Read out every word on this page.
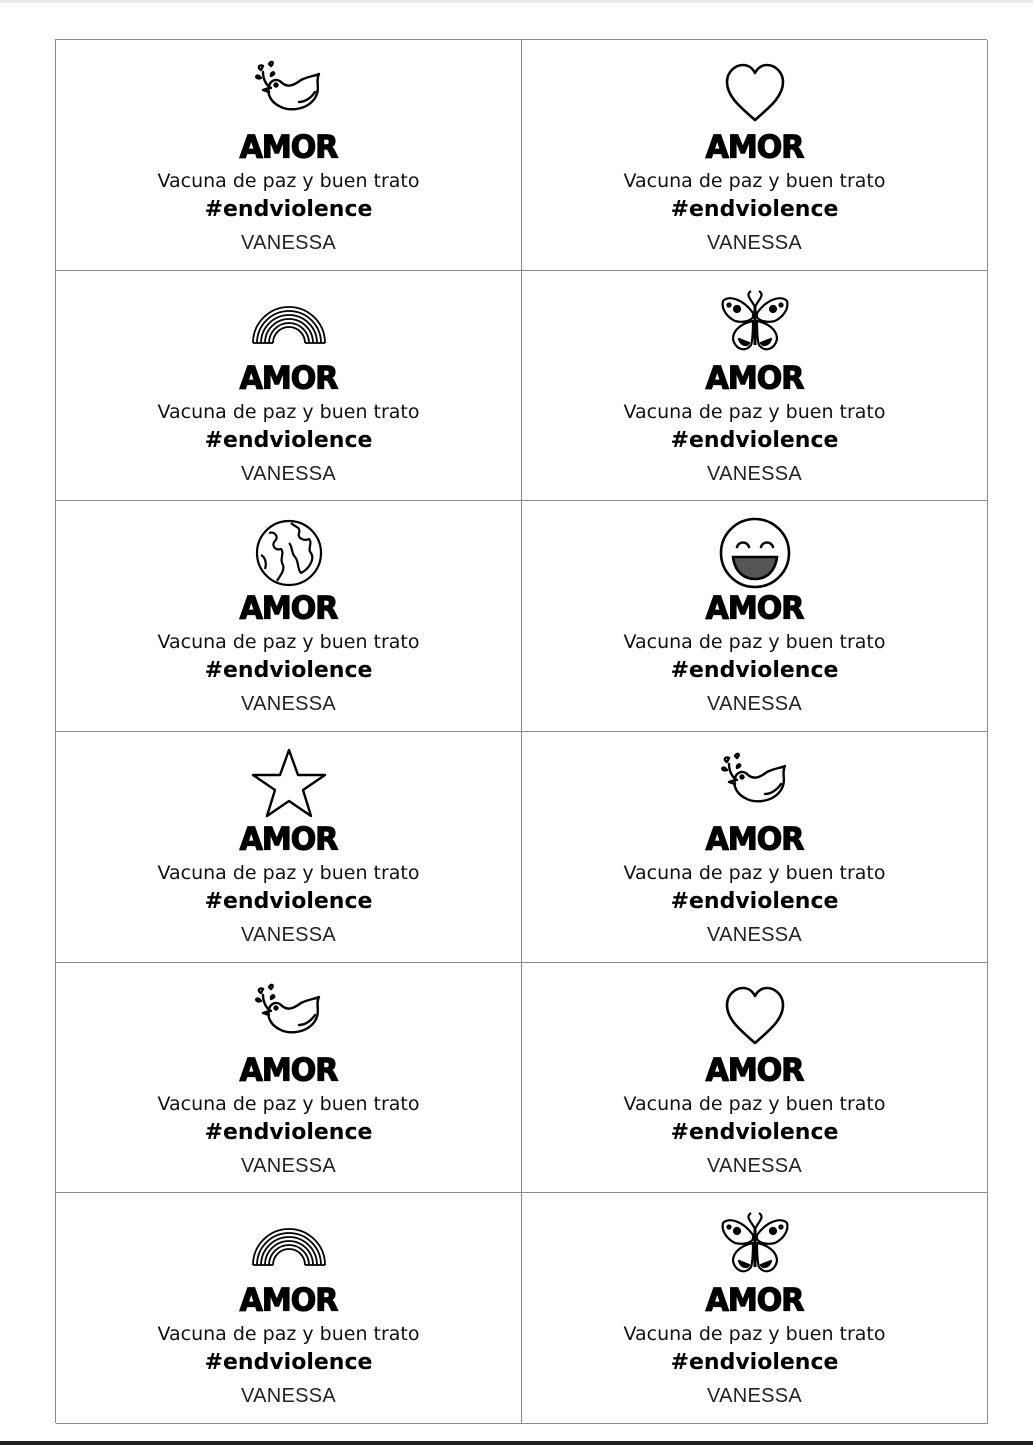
AMOR
Vacuna de paz y buen trato
#endviolence
VANESSA
AMOR
Vacuna de paz y buen trato
#endviolence
VANESSA
AMOR
Vacuna de paz y buen trato
#endviolence
VANESSA
AMOR
Vacuna de paz y buen trato
#endviolence
VANESSA
AMOR
Vacuna de paz y buen trato
#endviolence
VANESSA
AMOR
Vacuna de paz y buen trato
#endviolence
VANESSA
AMOR
Vacuna de paz y buen trato
#endviolence
VANESSA
AMOR
Vacuna de paz y buen trato
#endviolence
VANESSA
AMOR
Vacuna de paz y buen trato
#endviolence
VANESSA
AMOR
Vacuna de paz y buen trato
#endviolence
VANESSA
AMOR
Vacuna de paz y buen trato
#endviolence
VANESSA
AMOR
Vacuna de paz y buen trato
#endviolence
VANESSA
